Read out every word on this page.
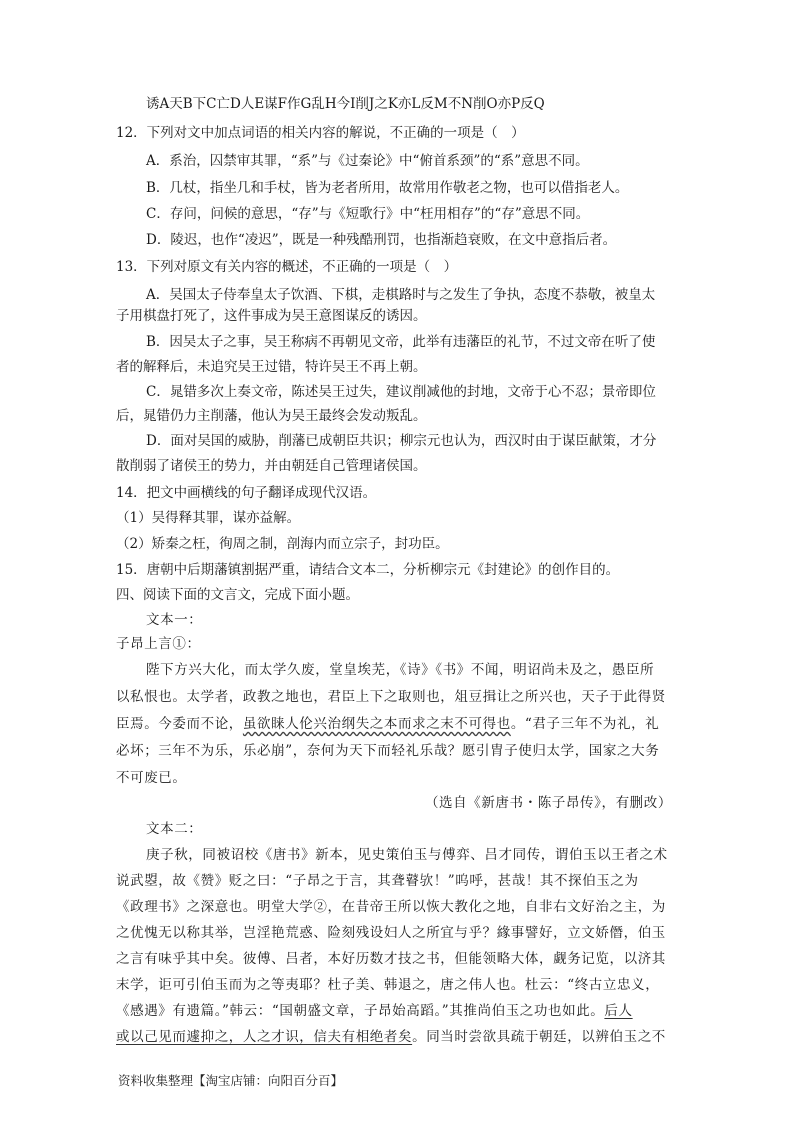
诱A天B下C亡D人E谋F作G乱H今I削J之K亦L反M不N削O亦P反Q
12．下列对文中加点词语的相关内容的解说，不正确的一项是（　）
A．系治，囚禁审其罪，“系”与《过秦论》中“俯首系颈”的“系”意思不同。
B．几杖，指坐几和手杖，皆为老者所用，故常用作敬老之物，也可以借指老人。
C．存问，问候的意思，“存”与《短歌行》中“枉用相存”的“存”意思不同。
D．陵迟，也作“凌迟”，既是一种残酷刑罚，也指渐趋衰败，在文中意指后者。
13．下列对原文有关内容的概述，不正确的一项是（　）
A．吴国太子侍奉皇太子饮酒、下棋，走棋路时与之发生了争执，态度不恭敬，被皇太
子用棋盘打死了，这件事成为吴王意图谋反的诱因。
B．因吴太子之事，吴王称病不再朝见文帝，此举有违藩臣的礼节，不过文帝在听了使
者的解释后，未追究吴王过错，特许吴王不再上朝。
C．晁错多次上奏文帝，陈述吴王过失，建议削减他的封地，文帝于心不忍；景帝即位
后，晁错仍力主削藩，他认为吴王最终会发动叛乱。
D．面对吴国的威胁，削藩已成朝臣共识；柳宗元也认为，西汉时由于谋臣献策，才分
散削弱了诸侯王的势力，并由朝廷自己管理诸侯国。
14．把文中画横线的句子翻译成现代汉语。
（1）吴得释其罪，谋亦益解。
（2）矫秦之枉，徇周之制，剖海内而立宗子，封功臣。
15．唐朝中后期藩镇割据严重，请结合文本二，分析柳宗元《封建论》的创作目的。
四、阅读下面的文言文，完成下面小题。
文本一：
子昂上言①：
陛下方兴大化，而太学久废，堂皇埃芜，《诗》《书》不闻，明诏尚未及之，愚臣所
以私恨也。太学者，政教之地也，君臣上下之取则也，俎豆揖让之所兴也，天子于此得贤
臣焉。今委而不论，虽欲睐人伦兴治纲失之本而求之末不可得也。“君子三年不为礼，礼
必坏；三年不为乐，乐必崩”，奈何为天下而轻礼乐哉？愿引胄子使归太学，国家之大务
不可废已。
（选自《新唐书・陈子昂传》，有删改）
文本二：
庚子秋，同被诏校《唐书》新本，见史策伯玉与傅弈、吕才同传，谓伯玉以王者之术
说武曌，故《赞》贬之曰：“子昂之于言，其聋瞽欤！”呜呼，甚哉！其不探伯玉之为
《政理书》之深意也。明堂大学②，在昔帝王所以恢大教化之地，自非右文好治之主，为
之优愧无以称其举，岂淫艳荒惑、险刻残设妇人之所宜与乎？緣事譬好，立文娇僭，伯玉
之言有味乎其中矣。彼傅、吕者，本好历数才技之书，但能领略大体，觑务记览，以济其
末学，讵可引伯玉而为之等夷耶？杜子美、韩退之，唐之伟人也。杜云：“终古立忠义，
《感遇》有遗篇。”韩云：“国朝盛文章，子昂始高蹈。”其推尚伯玉之功也如此。后人
或以己见而遽抑之，人之才识，信夫有相绝者矣。同当时尝欲具疏于朝廷，以辨伯玉之不
资料收集整理【淘宝店铺：向阳百分百】
